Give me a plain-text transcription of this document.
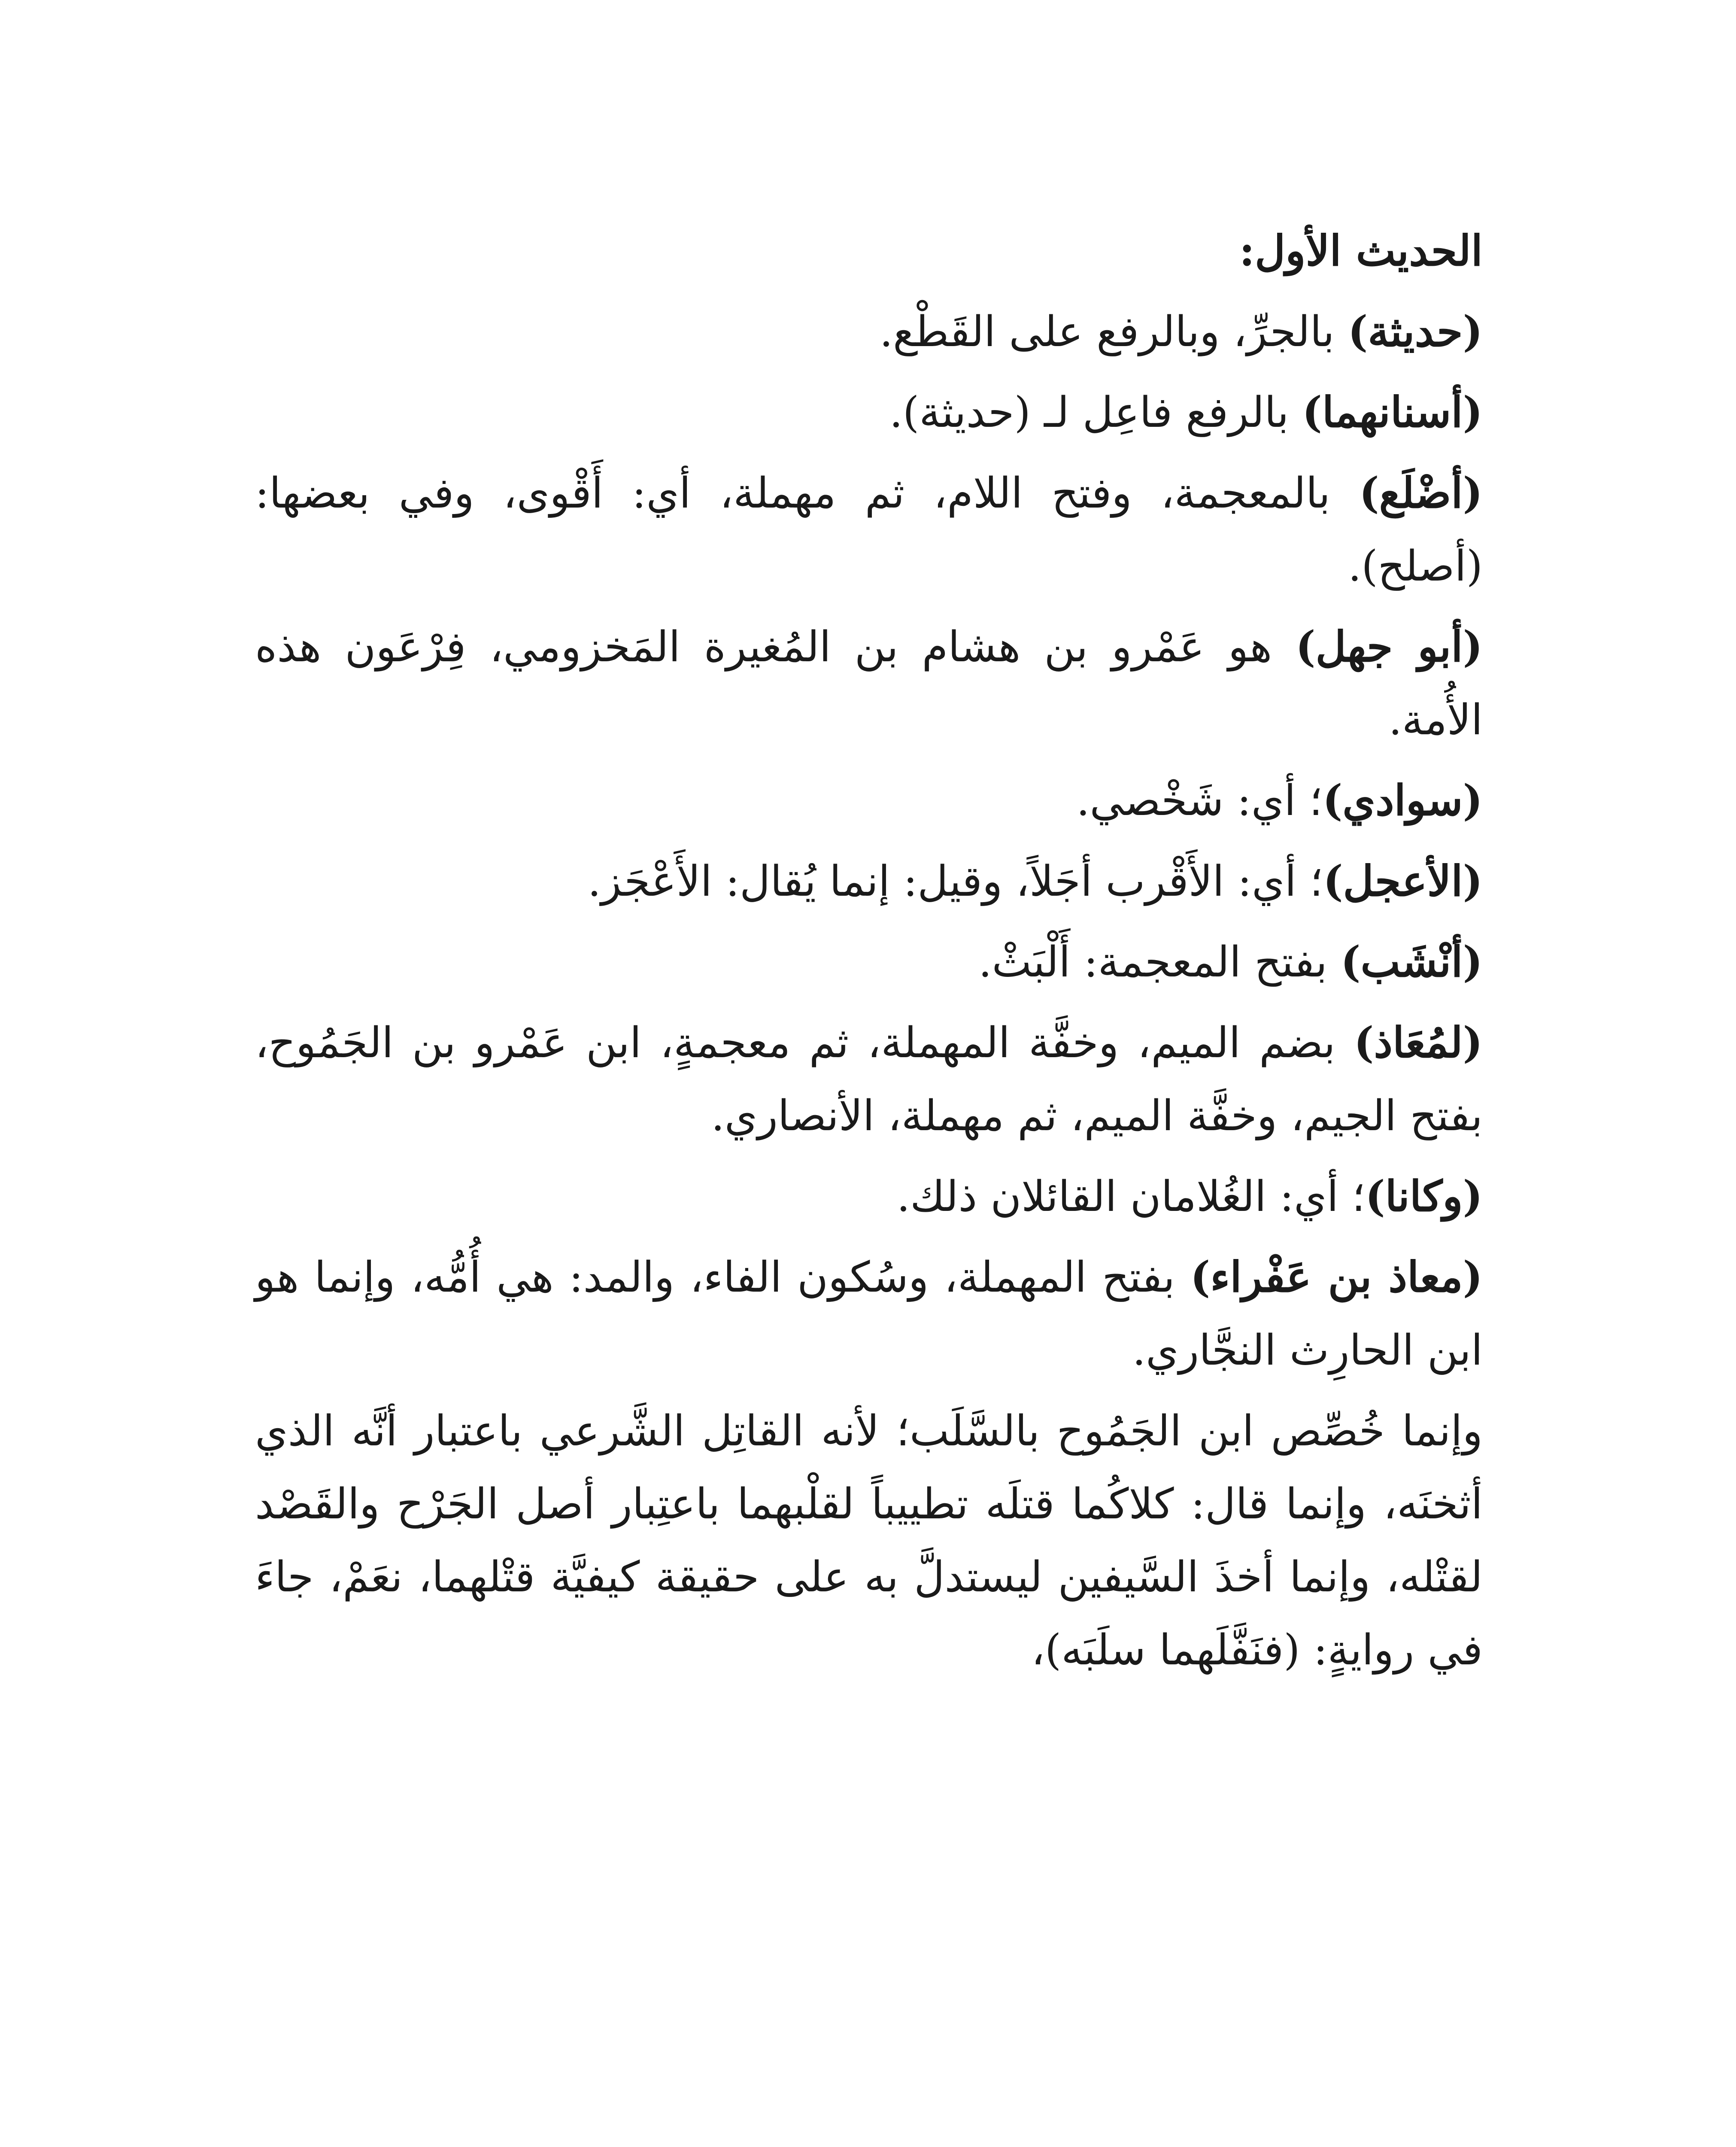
الحديث الأول:

(حديثة) بالجرِّ، وبالرفع على القَطْع.

(أسنانهما) بالرفع فاعِل لـ (حديثة).

(أضْلَع) بالمعجمة، وفتح اللام، ثم مهملة، أي: أَقْوى، وفي بعضها: (أصلح).

(أبو جهل) هو عَمْرو بن هشام بن المُغيرة المَخزومي، فِرْعَون هذه الأُمة.

(سوادي)؛ أي: شَخْصي.

(الأعجل)؛ أي: الأَقْرب أجَلاً، وقيل: إنما يُقال: الأَعْجَز.

(أنْشَب) بفتح المعجمة: أَلْبَثْ.

(لمُعَاذ) بضم الميم، وخفَّة المهملة، ثم معجمةٍ، ابن عَمْرو بن الجَمُوح، بفتح الجيم، وخفَّة الميم، ثم مهملة، الأنصاري.

(وكانا)؛ أي: الغُلامان القائلان ذلك.

(معاذ بن عَفْراء) بفتح المهملة، وسُكون الفاء، والمد: هي أُمُّه، وإنما هو ابن الحارِث النجَّاري.

وإنما خُصِّص ابن الجَمُوح بالسَّلَب؛ لأنه القاتِل الشَّرعي باعتبار أنَّه الذي أثخنَه، وإنما قال: كلاكُما قتلَه تطييباً لقلْبهما باعتِبار أصل الجَرْح والقَصْد لقتْله، وإنما أخذَ السَّيفين ليستدلَّ به على حقيقة كيفيَّة قتْلهما، نعَمْ، جاءَ في روايةٍ: (فنَفَّلَهما سلَبَه)،
